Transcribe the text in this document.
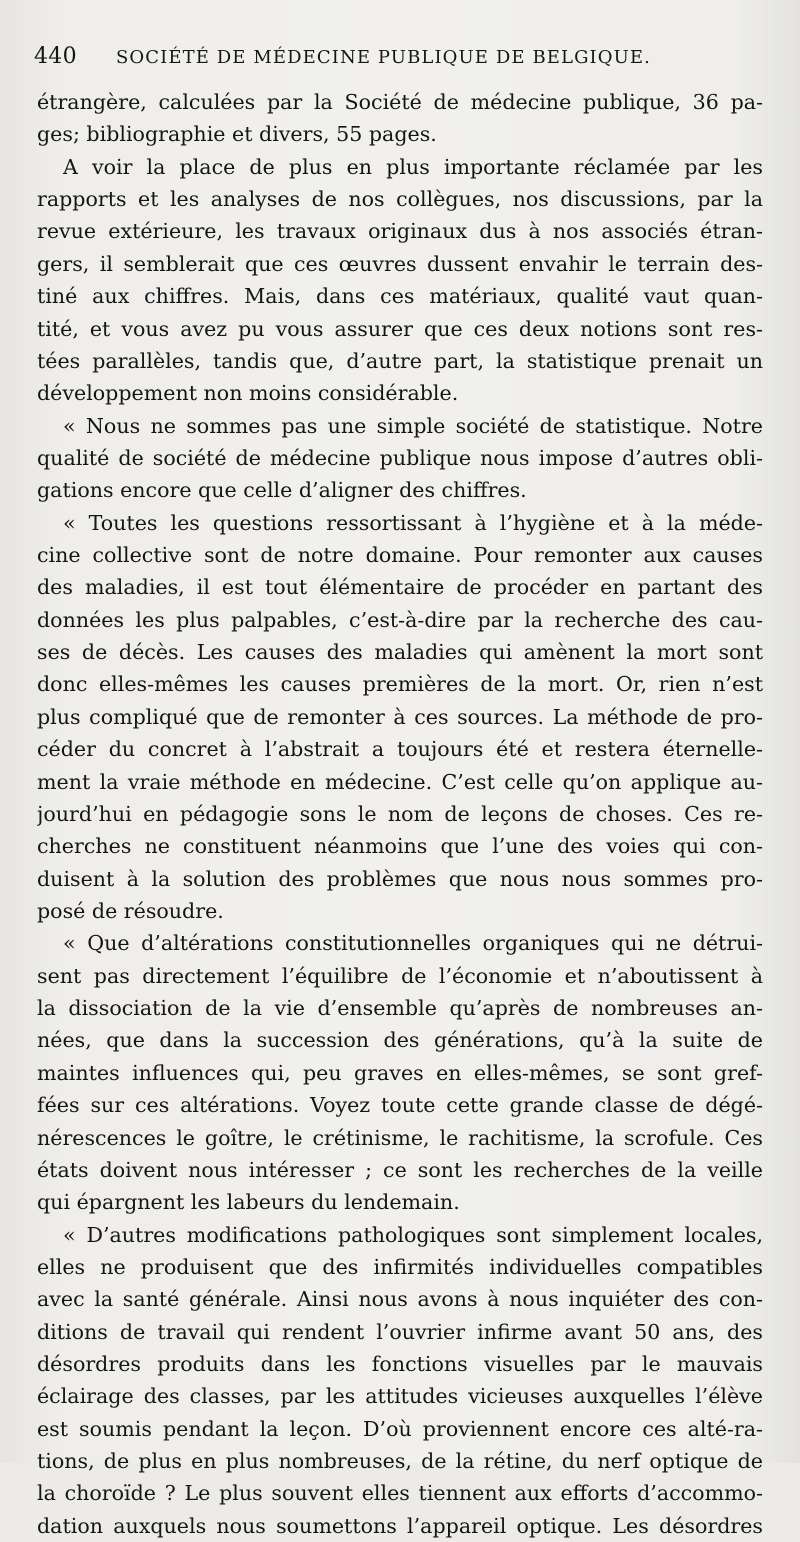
440 SOCIÉTÉ DE MÉDECINE PUBLIQUE DE BELGIQUE.
étrangère, calculées par la Société de médecine publique, 36 pa-
ges; bibliographie et divers, 55 pages.
A voir la place de plus en plus importante réclamée par les
rapports et les analyses de nos collègues, nos discussions, par la
revue extérieure, les travaux originaux dus à nos associés étran-
gers, il semblerait que ces œuvres dussent envahir le terrain des-
tiné aux chiffres. Mais, dans ces matériaux, qualité vaut quan-
tité, et vous avez pu vous assurer que ces deux notions sont res-
tées parallèles, tandis que, d’autre part, la statistique prenait un
développement non moins considérable.
« Nous ne sommes pas une simple société de statistique. Notre
qualité de société de médecine publique nous impose d’autres obli-
gations encore que celle d’aligner des chiffres.
« Toutes les questions ressortissant à l’hygiène et à la méde-
cine collective sont de notre domaine. Pour remonter aux causes
des maladies, il est tout élémentaire de procéder en partant des
données les plus palpables, c’est-à-dire par la recherche des cau-
ses de décès. Les causes des maladies qui amènent la mort sont
donc elles-mêmes les causes premières de la mort. Or, rien n’est
plus compliqué que de remonter à ces sources. La méthode de pro-
céder du concret à l’abstrait a toujours été et restera éternelle-
ment la vraie méthode en médecine. C’est celle qu’on applique au-
jourd’hui en pédagogie sons le nom de leçons de choses. Ces re-
cherches ne constituent néanmoins que l’une des voies qui con-
duisent à la solution des problèmes que nous nous sommes pro-
posé de résoudre.
« Que d’altérations constitutionnelles organiques qui ne détrui-
sent pas directement l’équilibre de l’économie et n’aboutissent à
la dissociation de la vie d’ensemble qu’après de nombreuses an-
nées, que dans la succession des générations, qu’à la suite de
maintes influences qui, peu graves en elles-mêmes, se sont gref-
fées sur ces altérations. Voyez toute cette grande classe de dégé-
nérescences le goître, le crétinisme, le rachitisme, la scrofule. Ces
états doivent nous intéresser ; ce sont les recherches de la veille
qui épargnent les labeurs du lendemain.
« D’autres modifications pathologiques sont simplement locales,
elles ne produisent que des infirmités individuelles compatibles
avec la santé générale. Ainsi nous avons à nous inquiéter des con-
ditions de travail qui rendent l’ouvrier infirme avant 50 ans, des
désordres produits dans les fonctions visuelles par le mauvais
éclairage des classes, par les attitudes vicieuses auxquelles l’élève
est soumis pendant la leçon. D’où proviennent encore ces alté-ra-
tions, de plus en plus nombreuses, de la rétine, du nerf optique de
la choroïde ? Le plus souvent elles tiennent aux efforts d’accommo-
dation auxquels nous soumettons l’appareil optique. Les désordres
